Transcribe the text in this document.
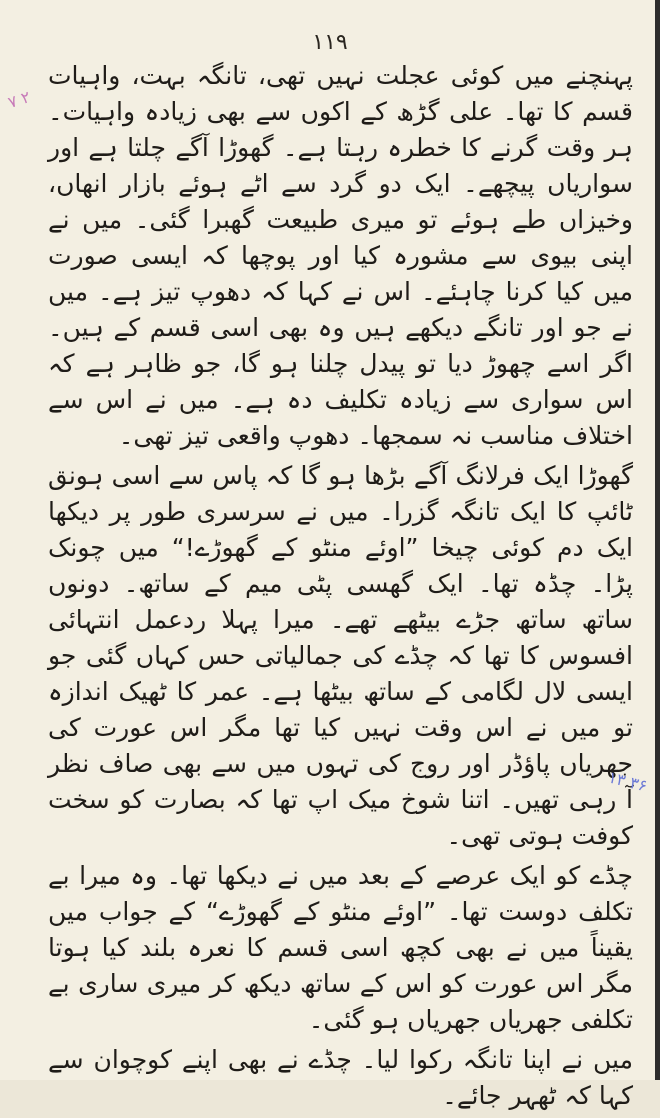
۱۱۹

پہنچنے میں کوئی عجلت نہیں تھی، تانگہ بہت، واہیات قسم کا تھا۔ علی گڑھ کے اکوں سے بھی زیادہ واہیات۔ ہر وقت گرنے کا خطرہ رہتا ہے۔ گھوڑا آگے چلتا ہے اور سواریاں پیچھے۔ ایک دو گرد سے اٹے ہوئے بازار انھاں، وخیزاں طے ہوئے تو میری طبیعت گھبرا گئی۔ میں نے اپنی بیوی سے مشورہ کیا اور پوچھا کہ ایسی صورت میں کیا کرنا چاہئے۔ اس نے کہا کہ دھوپ تیز ہے۔ میں نے جو اور تانگے دیکھے ہیں وہ بھی اسی قسم کے ہیں۔ اگر اسے چھوڑ دیا تو پیدل چلنا ہو گا، جو ظاہر ہے کہ اس سواری سے زیادہ تکلیف دہ ہے۔ میں نے اس سے اختلاف مناسب نہ سمجھا۔ دھوپ واقعی تیز تھی۔

گھوڑا ایک فرلانگ آگے بڑھا ہو گا کہ پاس سے اسی ہونق ٹائپ کا ایک تانگہ گزرا۔ میں نے سرسری طور پر دیکھا ایک دم کوئی چیخا ”اوئے منٹو کے گھوڑے!“ میں چونک پڑا۔ چڈہ تھا۔ ایک گھسی پٹی میم کے ساتھ۔ دونوں ساتھ ساتھ جڑے بیٹھے تھے۔ میرا پہلا ردعمل انتہائی افسوس کا تھا کہ چڈے کی جمالیاتی حس کہاں گئی جو ایسی لال لگامی کے ساتھ بیٹھا ہے۔ عمر کا ٹھیک اندازہ تو میں نے اس وقت نہیں کیا تھا مگر اس عورت کی جھریاں پاؤڈر اور روج کی تہوں میں سے بھی صاف نظر آ رہی تھیں۔ اتنا شوخ میک اپ تھا کہ بصارت کو سخت کوفت ہوتی تھی۔

چڈے کو ایک عرصے کے بعد میں نے دیکھا تھا۔ وہ میرا بے تکلف دوست تھا۔ ”اوئے منٹو کے گھوڑے“ کے جواب میں یقیناً میں نے بھی کچھ اسی قسم کا نعرہ بلند کیا ہوتا مگر اس عورت کو اس کے ساتھ دیکھ کر میری ساری بے تکلفی جھریاں جھریاں ہو گئی۔

میں نے اپنا تانگہ رکوا لیا۔ چڈے نے بھی اپنے کوچوان سے کہا کہ ٹھہر جائے۔

۷ ۲
۱۳ ۳۶
